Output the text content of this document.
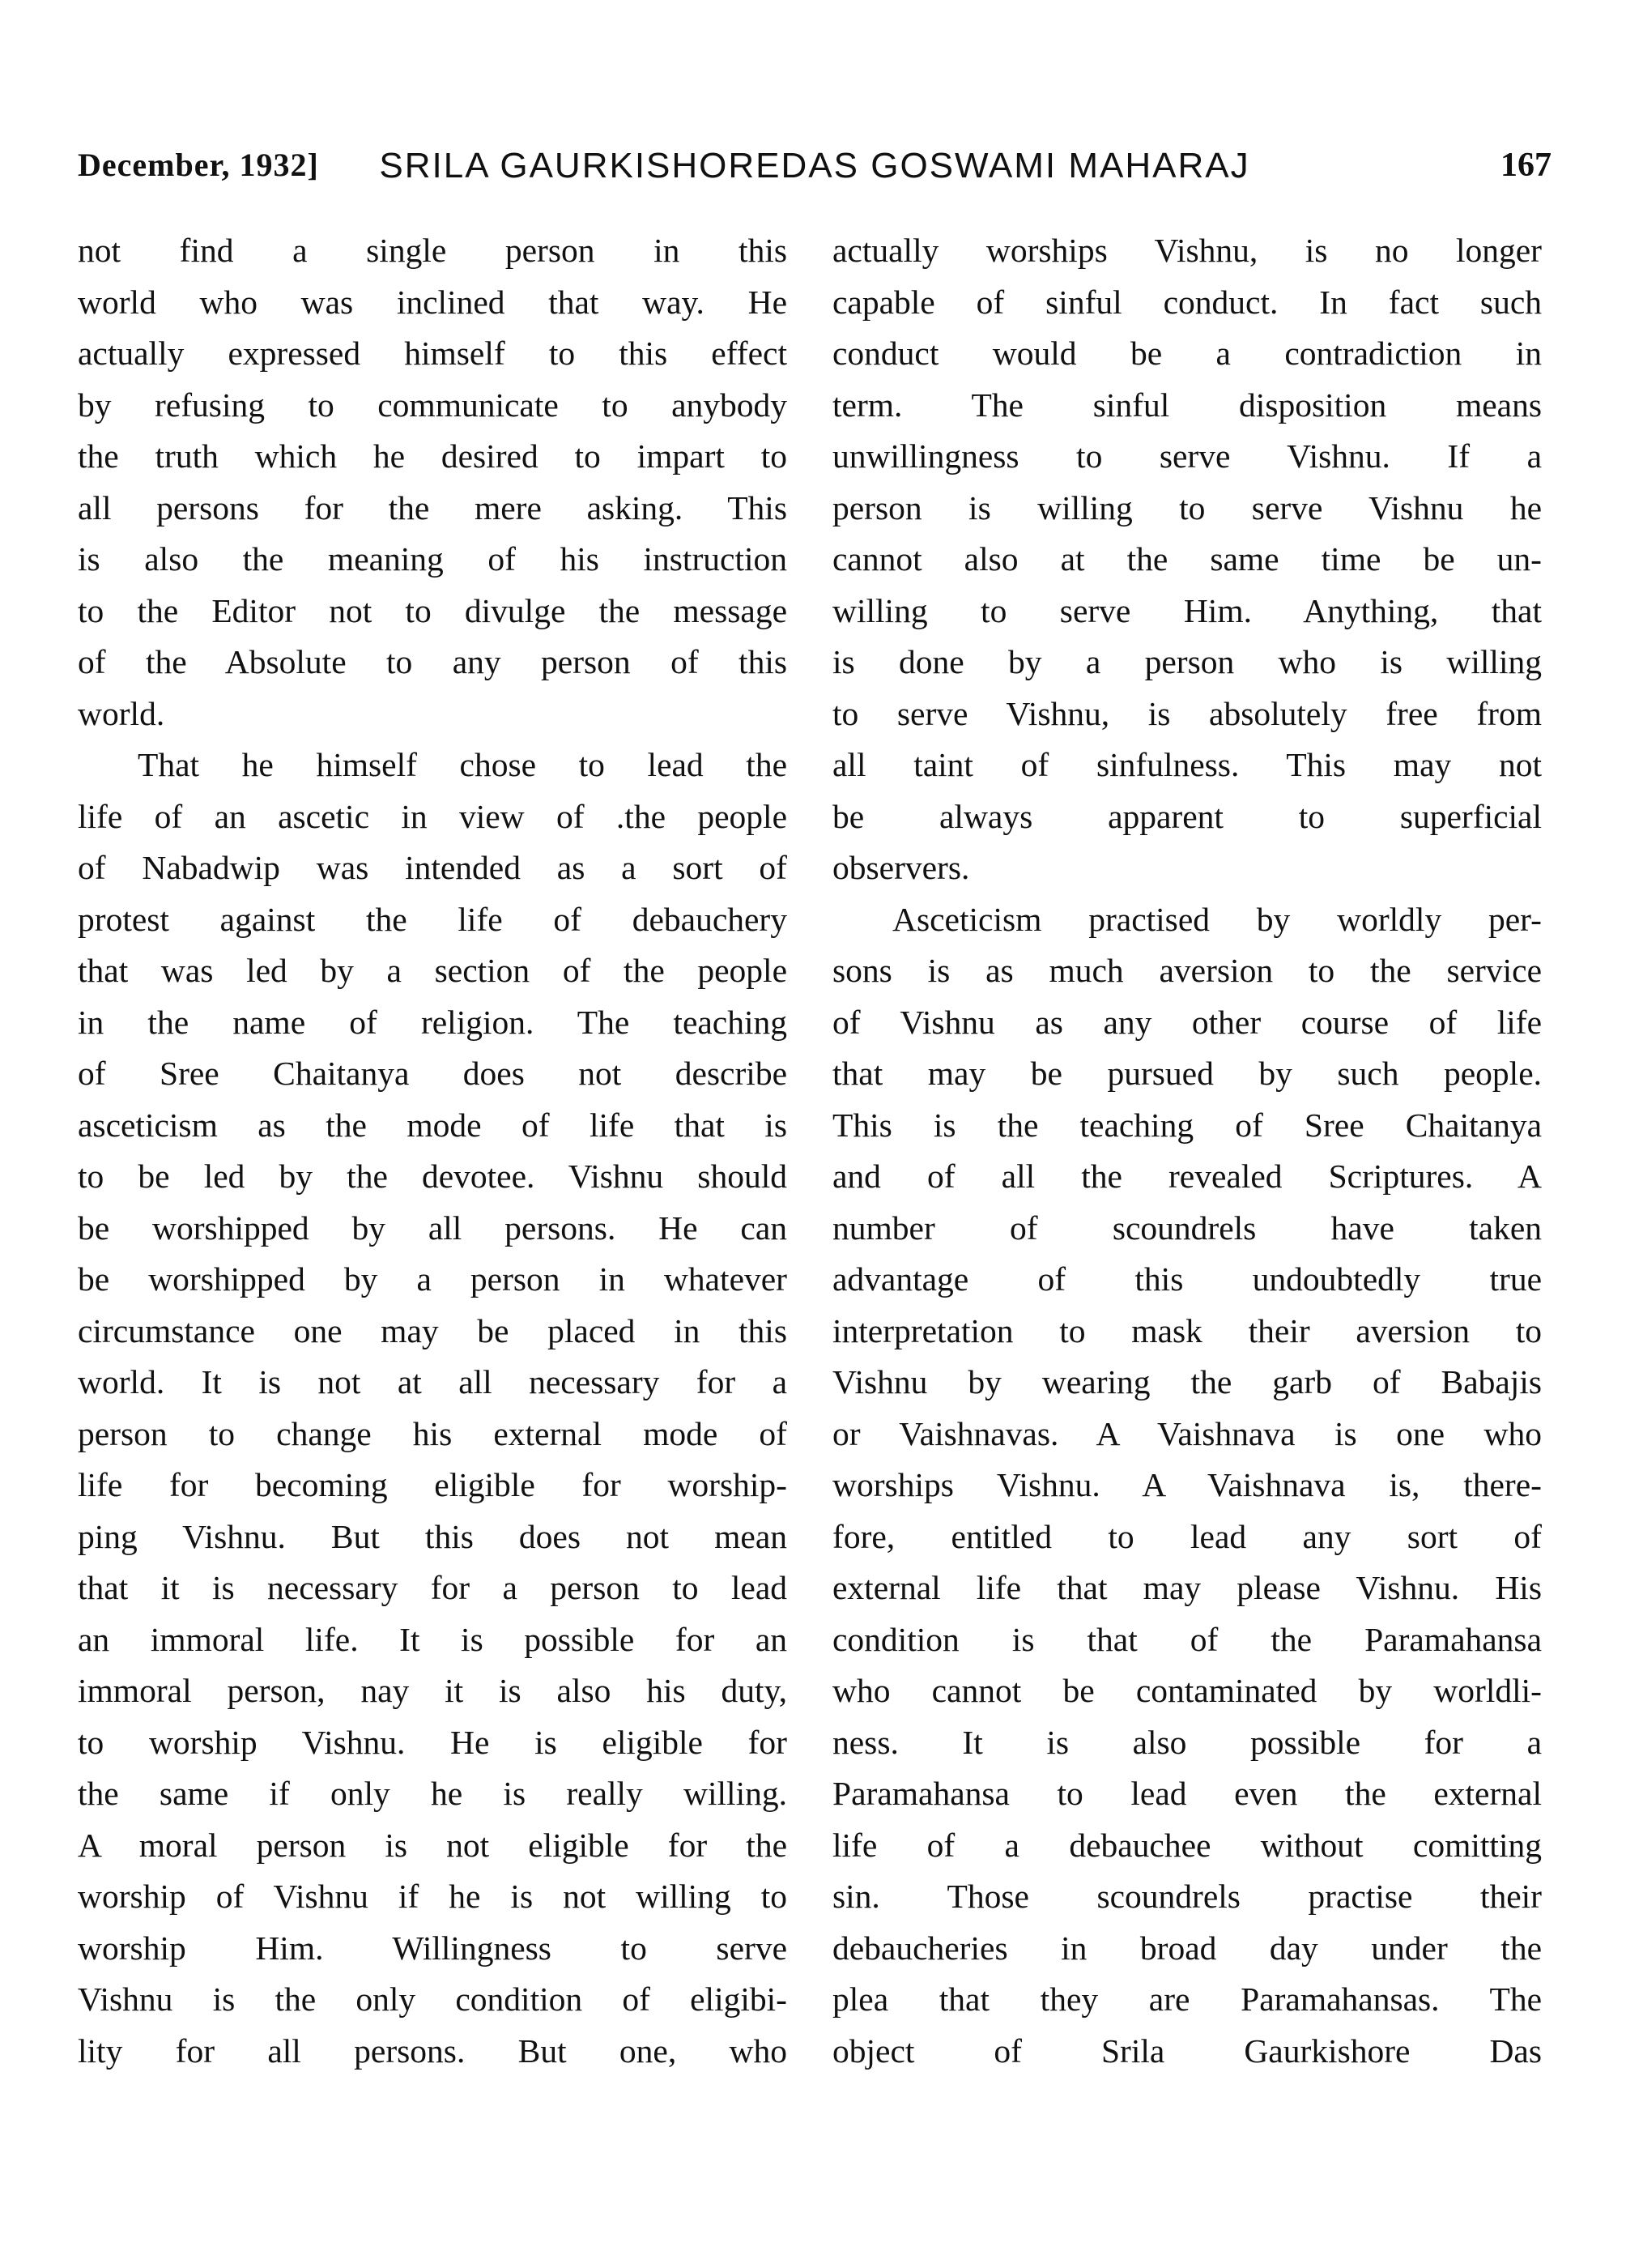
December, 1932]	SRILA GAURKISHOREDAS GOSWAMI MAHARAJ	167
not find a single person in this
world who was inclined that way. He
actually expressed himself to this effect
by refusing to communicate to anybody
the truth which he desired to impart to
all persons for the mere asking. This
is also the meaning of his instruction
to the Editor not to divulge the message
of the Absolute to any person of this
world.
That he himself chose to lead the
life of an ascetic in view of .the people
of Nabadwip was intended as a sort of
protest against the life of debauchery
that was led by a section of the people
in the name of religion. The teaching
of Sree Chaitanya does not describe
asceticism as the mode of life that is
to be led by the devotee. Vishnu should
be worshipped by all persons. He can
be worshipped by a person in whatever
circumstance one may be placed in this
world. It is not at all necessary for a
person to change his external mode of
life for becoming eligible for worship-
ping Vishnu. But this does not mean
that it is necessary for a person to lead
an immoral life. It is possible for an
immoral person, nay it is also his duty,
to worship Vishnu. He is eligible for
the same if only he is really willing.
A moral person is not eligible for the
worship of Vishnu if he is not willing to
worship Him. Willingness to serve
Vishnu is the only condition of eligibi-
lity for all persons. But one, who
actually worships Vishnu, is no longer
capable of sinful conduct. In fact such
conduct would be a contradiction in
term. The sinful disposition means
unwillingness to serve Vishnu. If a
person is willing to serve Vishnu he
cannot also at the same time be un-
willing to serve Him. Anything, that
is done by a person who is willing
to serve Vishnu, is absolutely free from
all taint of sinfulness. This may not
be always apparent to superficial
observers.
Asceticism practised by worldly per-
sons is as much aversion to the service
of Vishnu as any other course of life
that may be pursued by such people.
This is the teaching of Sree Chaitanya
and of all the revealed Scriptures. A
number of scoundrels have taken
advantage of this undoubtedly true
interpretation to mask their aversion to
Vishnu by wearing the garb of Babajis
or Vaishnavas. A Vaishnava is one who
worships Vishnu. A Vaishnava is, there-
fore, entitled to lead any sort of
external life that may please Vishnu. His
condition is that of the Paramahansa
who cannot be contaminated by worldli-
ness. It is also possible for a
Paramahansa to lead even the external
life of a debauchee without comitting
sin. Those scoundrels practise their
debaucheries in broad day under the
plea that they are Paramahansas. The
object of Srila Gaurkishore Das
